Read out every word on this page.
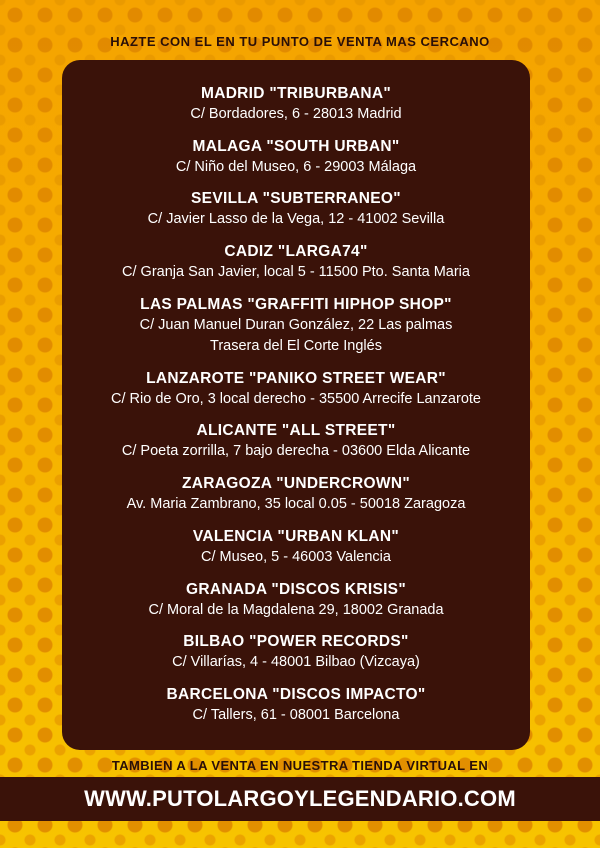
HAZTE CON EL EN TU PUNTO DE VENTA MAS CERCANO
MADRID "TRIBURBANA"
C/ Bordadores, 6 - 28013 Madrid
MALAGA "SOUTH URBAN"
C/ Niño del Museo, 6 - 29003 Málaga
SEVILLA "SUBTERRANEO"
C/ Javier Lasso de la Vega, 12 - 41002 Sevilla
CADIZ "LARGA74"
C/ Granja San Javier, local 5 - 11500 Pto. Santa Maria
LAS PALMAS "GRAFFITI HIPHOP SHOP"
C/ Juan Manuel Duran González, 22 Las palmas
Trasera del El Corte Inglés
LANZAROTE "PANIKO STREET WEAR"
C/ Rio de Oro, 3 local derecho - 35500 Arrecife Lanzarote
ALICANTE "ALL STREET"
C/ Poeta zorrilla, 7 bajo derecha - 03600 Elda Alicante
ZARAGOZA "UNDERCROWN"
Av. Maria Zambrano, 35 local 0.05 - 50018 Zaragoza
VALENCIA "URBAN KLAN"
C/ Museo, 5 - 46003 Valencia
GRANADA "DISCOS KRISIS"
C/ Moral de la Magdalena 29, 18002 Granada
BILBAO "POWER RECORDS"
C/ Villarías, 4 - 48001 Bilbao (Vizcaya)
BARCELONA "DISCOS IMPACTO"
C/ Tallers, 61 - 08001 Barcelona
TAMBIEN A LA VENTA EN NUESTRA TIENDA VIRTUAL EN
WWW.PUTOLARGOYLEGENDARIO.COM
